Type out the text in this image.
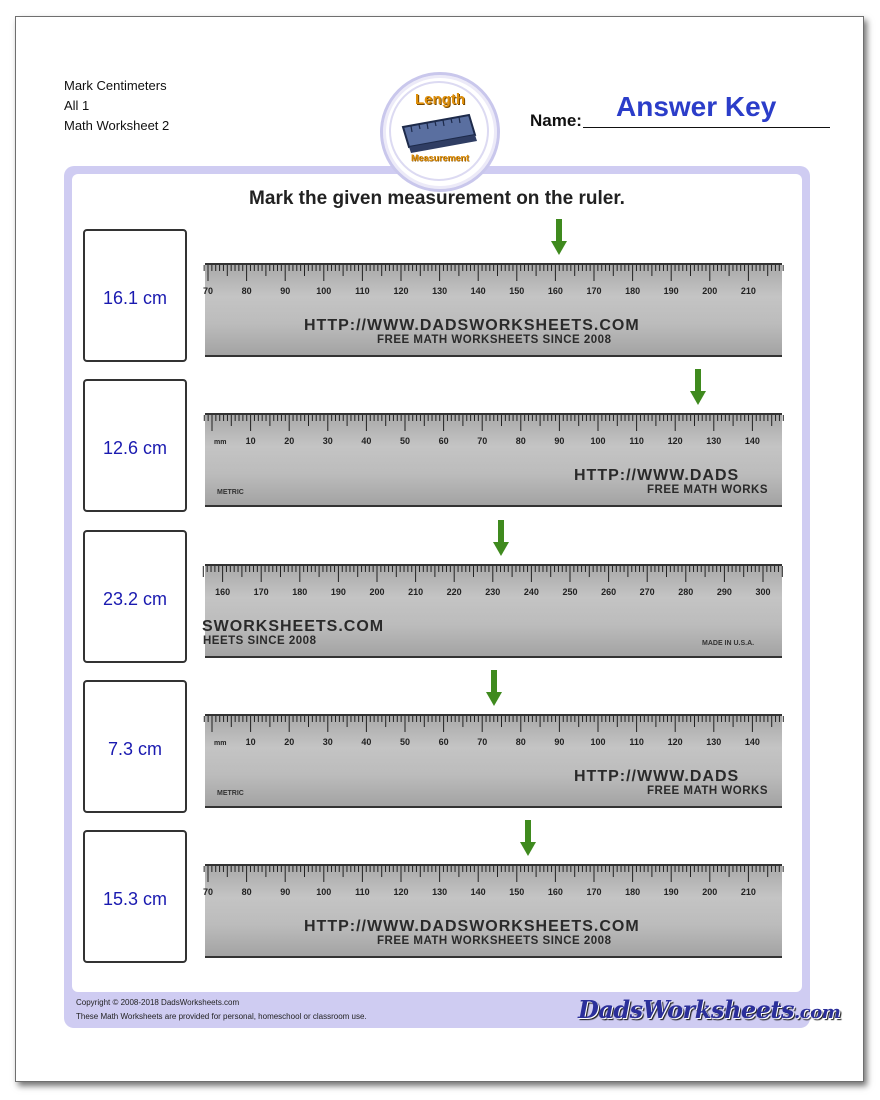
Mark Centimeters
All 1
Math Worksheet 2
Length
Measurement
Name: Answer Key
Mark the given measurement on the ruler.
16.1 cm	70	80	90	100	110	120	130	140	150	160	170	180	190	200	210
HTTP://WWW.DADSWORKSHEETS.COM
FREE MATH WORKSHEETS SINCE 2008
12.6 cm	10	20	30	40	50	60	70	80	90	100	110	120	130	140
mm
HTTP://WWW.DADS
FREE MATH WORKS
METRIC
23.2 cm	160	170	180	190	200	210	220	230	240	250	260	270	280	290	300
SWORKSHEETS.COM
HEETS SINCE 2008	MADE IN U.S.A.
7.3 cm	10	20	30	40	50	60	70	80	90	100	110	120	130	140
mm
HTTP://WWW.DADS
FREE MATH WORKS
METRIC
15.3 cm	70	80	90	100	110	120	130	140	150	160	170	180	190	200	210
HTTP://WWW.DADSWORKSHEETS.COM
FREE MATH WORKSHEETS SINCE 2008
Copyright © 2008-2018 DadsWorksheets.com
These Math Worksheets are provided for personal, homeschool or classroom use.	DadsWorksheets.com
